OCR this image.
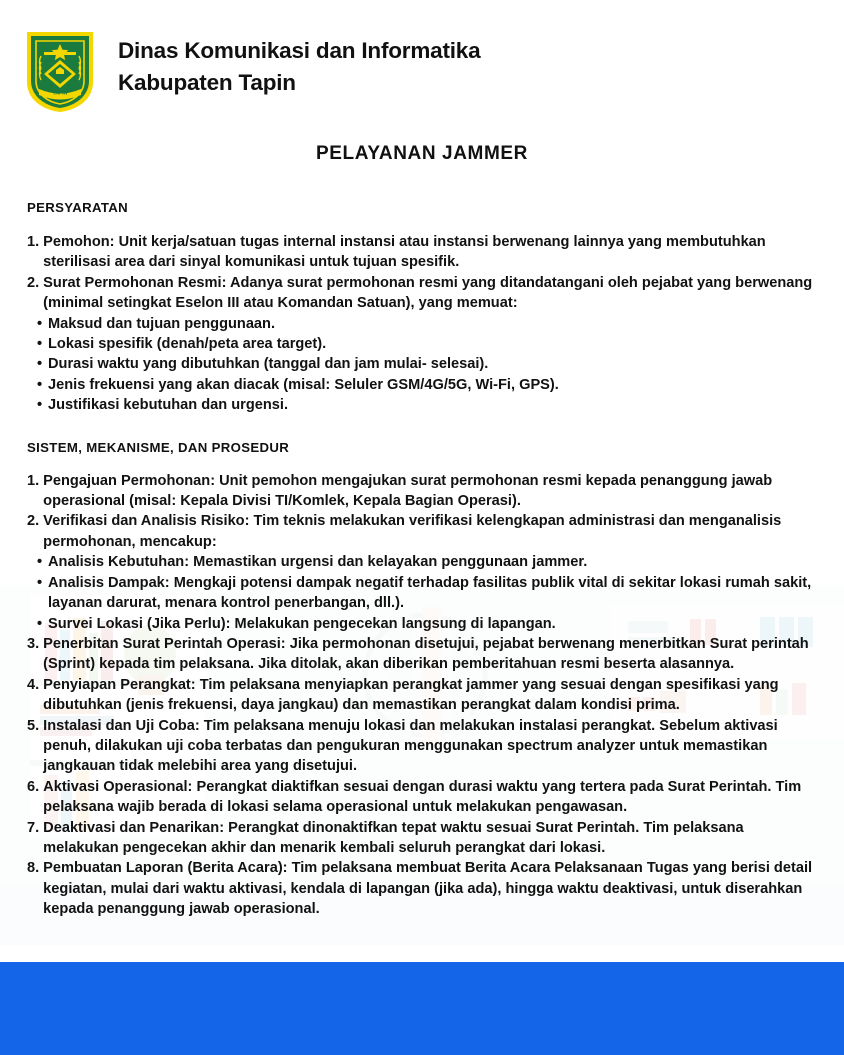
TAPIN
Dinas Komunikasi dan Informatika
Kabupaten Tapin
PELAYANAN JAMMER
PERSYARATAN
1. Pemohon: Unit kerja/satuan tugas internal instansi atau instansi berwenang lainnya yang membutuhkan sterilisasi area dari sinyal komunikasi untuk tujuan spesifik.
2. Surat Permohonan Resmi: Adanya surat permohonan resmi yang ditandatangani oleh pejabat yang berwenang (minimal setingkat Eselon III atau Komandan Satuan), yang memuat:
• Maksud dan tujuan penggunaan.
• Lokasi spesifik (denah/peta area target).
• Durasi waktu yang dibutuhkan (tanggal dan jam mulai- selesai).
• Jenis frekuensi yang akan diacak (misal: Seluler GSM/4G/5G, Wi-Fi, GPS).
• Justifikasi kebutuhan dan urgensi.
SISTEM, MEKANISME, DAN PROSEDUR
1. Pengajuan Permohonan: Unit pemohon mengajukan surat permohonan resmi kepada penanggung jawab operasional (misal: Kepala Divisi TI/Komlek, Kepala Bagian Operasi).
2. Verifikasi dan Analisis Risiko: Tim teknis melakukan verifikasi kelengkapan administrasi dan menganalisis permohonan, mencakup:
• Analisis Kebutuhan: Memastikan urgensi dan kelayakan penggunaan jammer.
• Analisis Dampak: Mengkaji potensi dampak negatif terhadap fasilitas publik vital di sekitar lokasi rumah sakit, layanan darurat, menara kontrol penerbangan, dll.).
• Survei Lokasi (Jika Perlu): Melakukan pengecekan langsung di lapangan.
3. Penerbitan Surat Perintah Operasi: Jika permohonan disetujui, pejabat berwenang menerbitkan Surat perintah (Sprint) kepada tim pelaksana. Jika ditolak, akan diberikan pemberitahuan resmi beserta alasannya.
4. Penyiapan Perangkat: Tim pelaksana menyiapkan perangkat jammer yang sesuai dengan spesifikasi yang dibutuhkan (jenis frekuensi, daya jangkau) dan memastikan perangkat dalam kondisi prima.
5. Instalasi dan Uji Coba: Tim pelaksana menuju lokasi dan melakukan instalasi perangkat. Sebelum aktivasi penuh, dilakukan uji coba terbatas dan pengukuran menggunakan spectrum analyzer untuk memastikan jangkauan tidak melebihi area yang disetujui.
6. Aktivasi Operasional: Perangkat diaktifkan sesuai dengan durasi waktu yang tertera pada Surat Perintah. Tim pelaksana wajib berada di lokasi selama operasional untuk melakukan pengawasan.
7. Deaktivasi dan Penarikan: Perangkat dinonaktifkan tepat waktu sesuai Surat Perintah. Tim pelaksana melakukan pengecekan akhir dan menarik kembali seluruh perangkat dari lokasi.
8. Pembuatan Laporan (Berita Acara): Tim pelaksana membuat Berita Acara Pelaksanaan Tugas yang berisi detail kegiatan, mulai dari waktu aktivasi, kendala di lapangan (jika ada), hingga waktu deaktivasi, untuk diserahkan kepada penanggung jawab operasional.
